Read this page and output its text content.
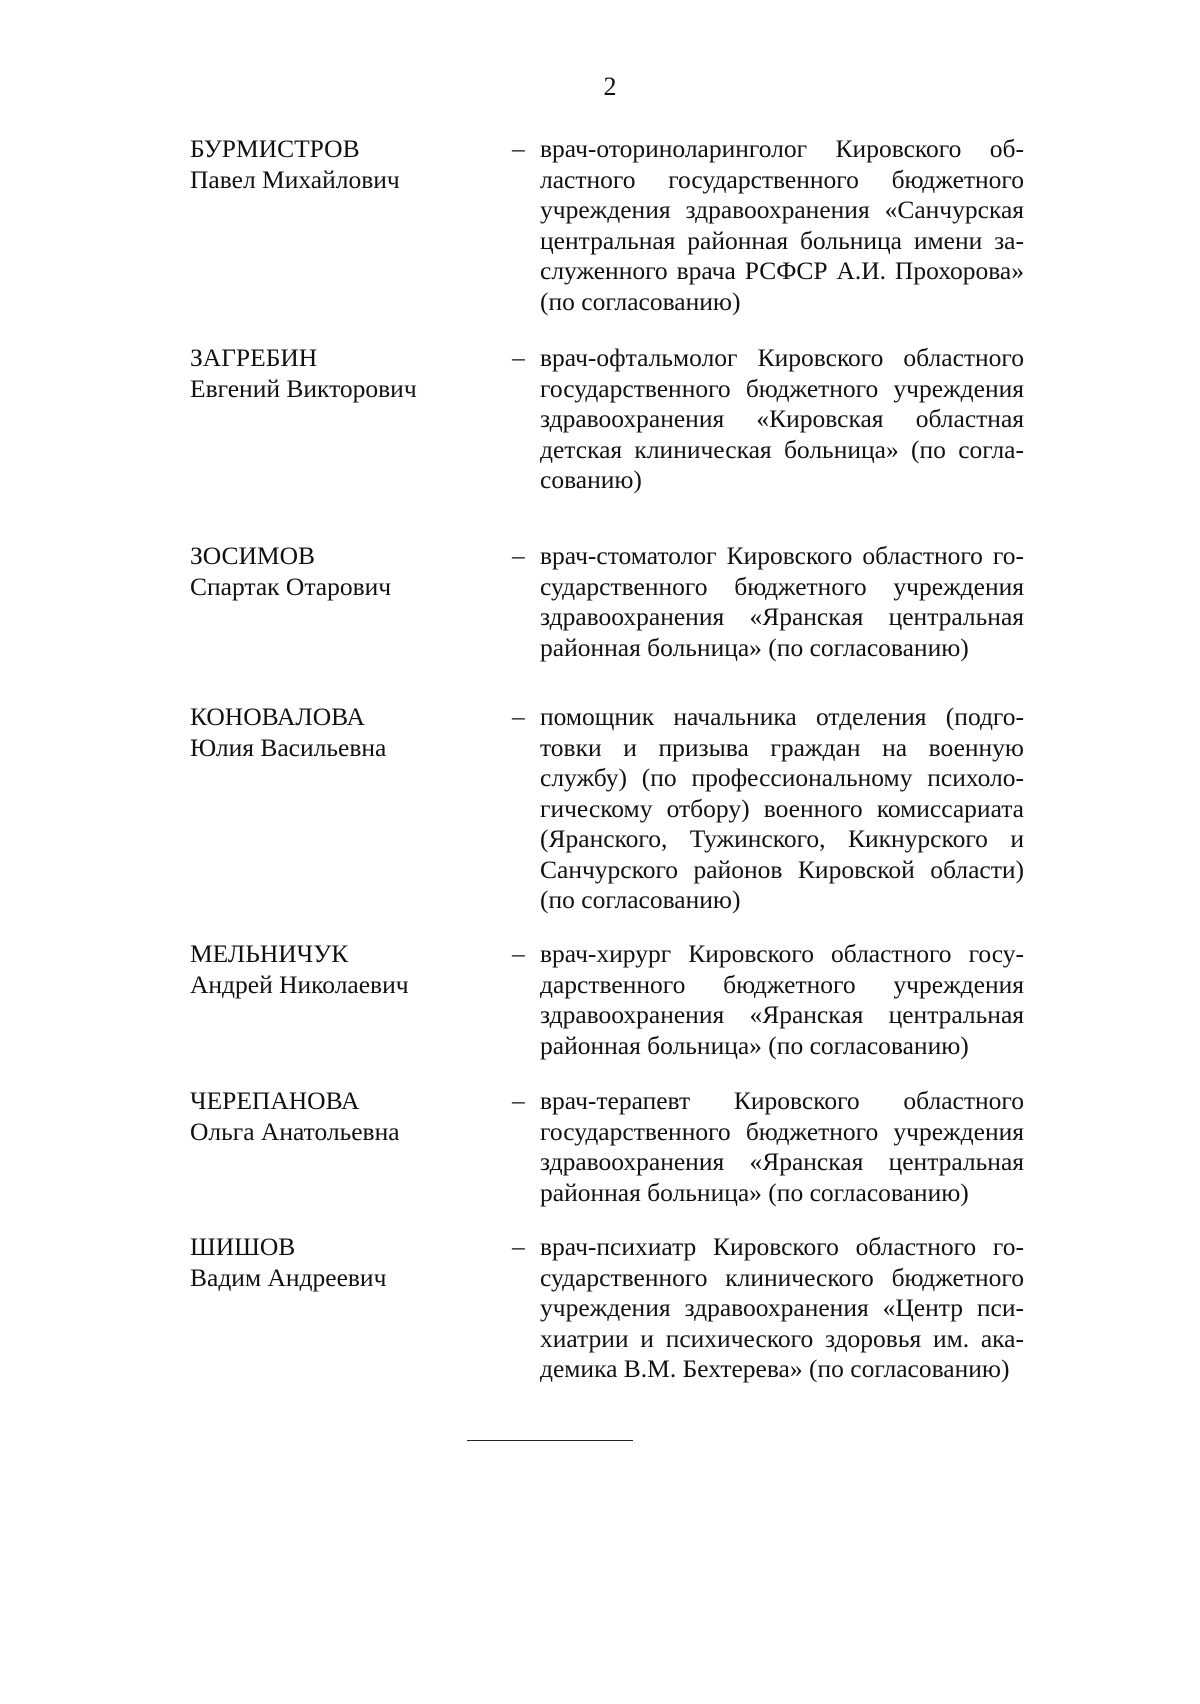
2
БУРМИСТРОВ
Павел Михайлович
– врач-оториноларинголог Кировского об-
ластного государственного бюджетного
учреждения здравоохранения «Санчурская
центральная районная больница имени за-
служенного врача РСФСР А.И. Прохорова»
(по согласованию)
ЗАГРЕБИН
Евгений Викторович
– врач-офтальмолог Кировского областного
государственного бюджетного учреждения
здравоохранения «Кировская областная
детская клиническая больница» (по согла-
сованию)
ЗОСИМОВ
Спартак Отарович
– врач-стоматолог Кировского областного го-
сударственного бюджетного учреждения
здравоохранения «Яранская центральная
районная больница» (по согласованию)
КОНОВАЛОВА
Юлия Васильевна
– помощник начальника отделения (подго-
товки и призыва граждан на военную
службу) (по профессиональному психоло-
гическому отбору) военного комиссариата
(Яранского, Тужинского, Кикнурского и
Санчурского районов Кировской области)
(по согласованию)
МЕЛЬНИЧУК
Андрей Николаевич
– врач-хирург Кировского областного госу-
дарственного бюджетного учреждения
здравоохранения «Яранская центральная
районная больница» (по согласованию)
ЧЕРЕПАНОВА
Ольга Анатольевна
– врач-терапевт Кировского областного
государственного бюджетного учреждения
здравоохранения «Яранская центральная
районная больница» (по согласованию)
ШИШОВ
Вадим Андреевич
– врач-психиатр Кировского областного го-
сударственного клинического бюджетного
учреждения здравоохранения «Центр пси-
хиатрии и психического здоровья им. ака-
демика В.М. Бехтерева» (по согласованию)
